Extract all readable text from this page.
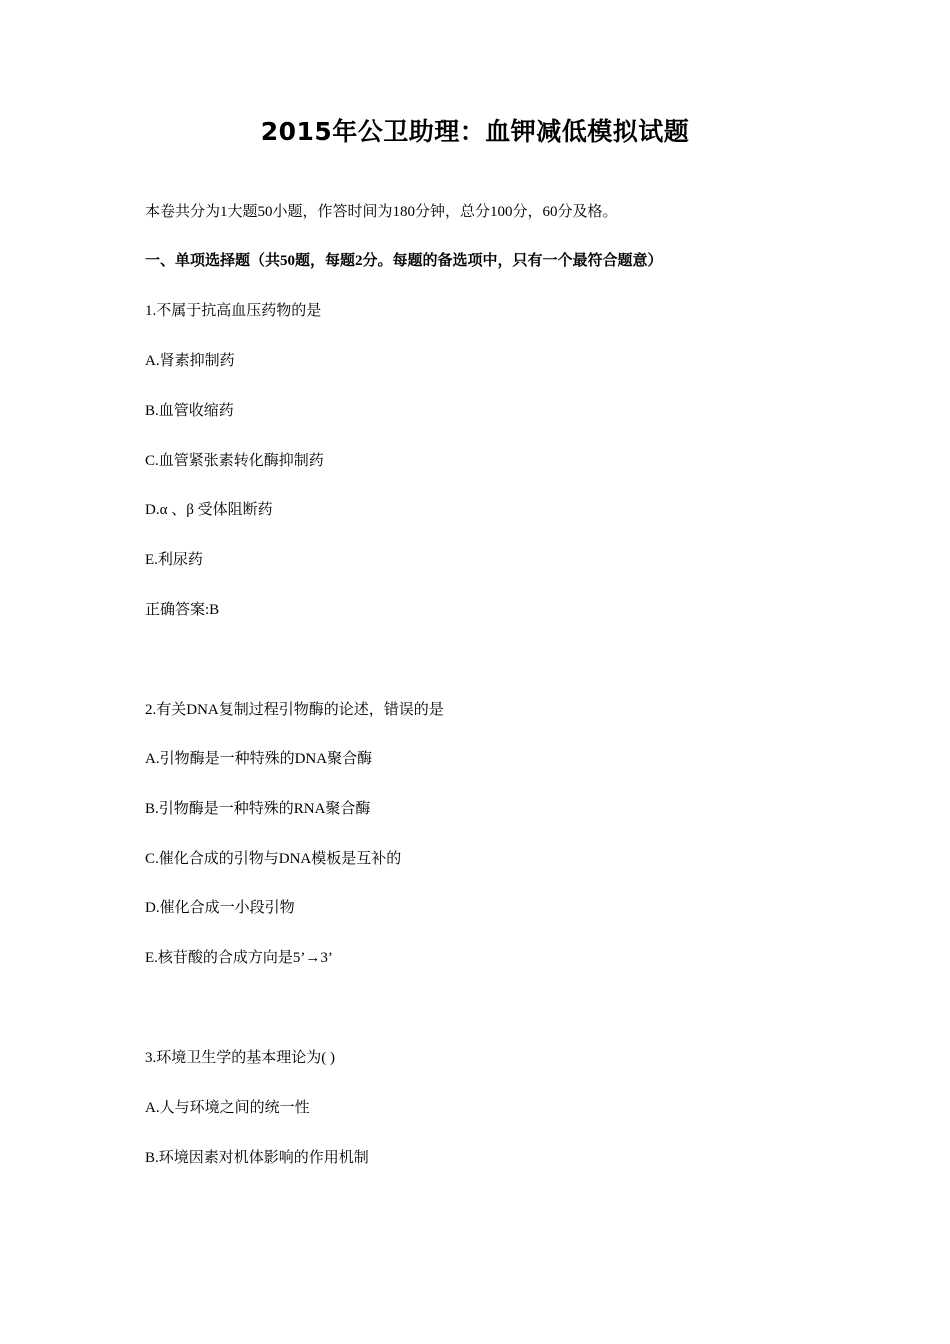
2015年公卫助理：血钾减低模拟试题
本卷共分为1大题50小题，作答时间为180分钟，总分100分，60分及格。
一、单项选择题（共50题，每题2分。每题的备选项中，只有一个最符合题意）
1.不属于抗高血压药物的是
A.肾素抑制药
B.血管收缩药
C.血管紧张素转化酶抑制药
D.α 、β 受体阻断药
E.利尿药
正确答案:B
2.有关DNA复制过程引物酶的论述，错误的是
A.引物酶是一种特殊的DNA聚合酶
B.引物酶是一种特殊的RNA聚合酶
C.催化合成的引物与DNA模板是互补的
D.催化合成一小段引物
E.核苷酸的合成方向是5’→3’
3.环境卫生学的基本理论为( )
A.人与环境之间的统一性
B.环境因素对机体影响的作用机制
